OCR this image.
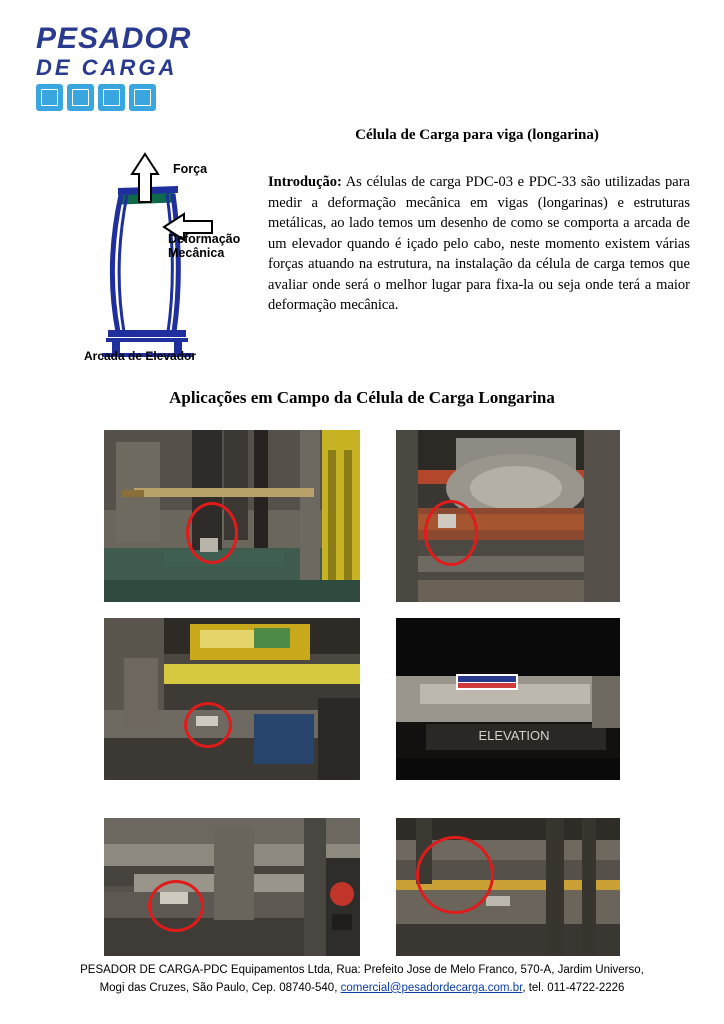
PESADOR
DE CARGA
Célula de Carga para viga (longarina)
Introdução: As células de carga PDC-03 e PDC-33 são utilizadas para medir a deformação mecânica em vigas (longarinas) e estruturas metálicas, ao lado temos um desenho de como se comporta a arcada de um elevador quando é içado pelo cabo, neste momento existem várias forças atuando na estrutura, na instalação da célula de carga temos que avaliar onde será o melhor lugar para fixa-la ou seja onde terá a maior deformação mecânica.
Força
Deformação
Mecânica
Arcada de Elevador
Aplicações em Campo da Célula de Carga Longarina
ELEVATION
PESADOR DE CARGA-PDC Equipamentos Ltda, Rua: Prefeito Jose de Melo Franco, 570-A, Jardim Universo,
Mogi das Cruzes, São Paulo, Cep. 08740-540, comercial@pesadordecarga.com.br, tel. 011-4722-2226
